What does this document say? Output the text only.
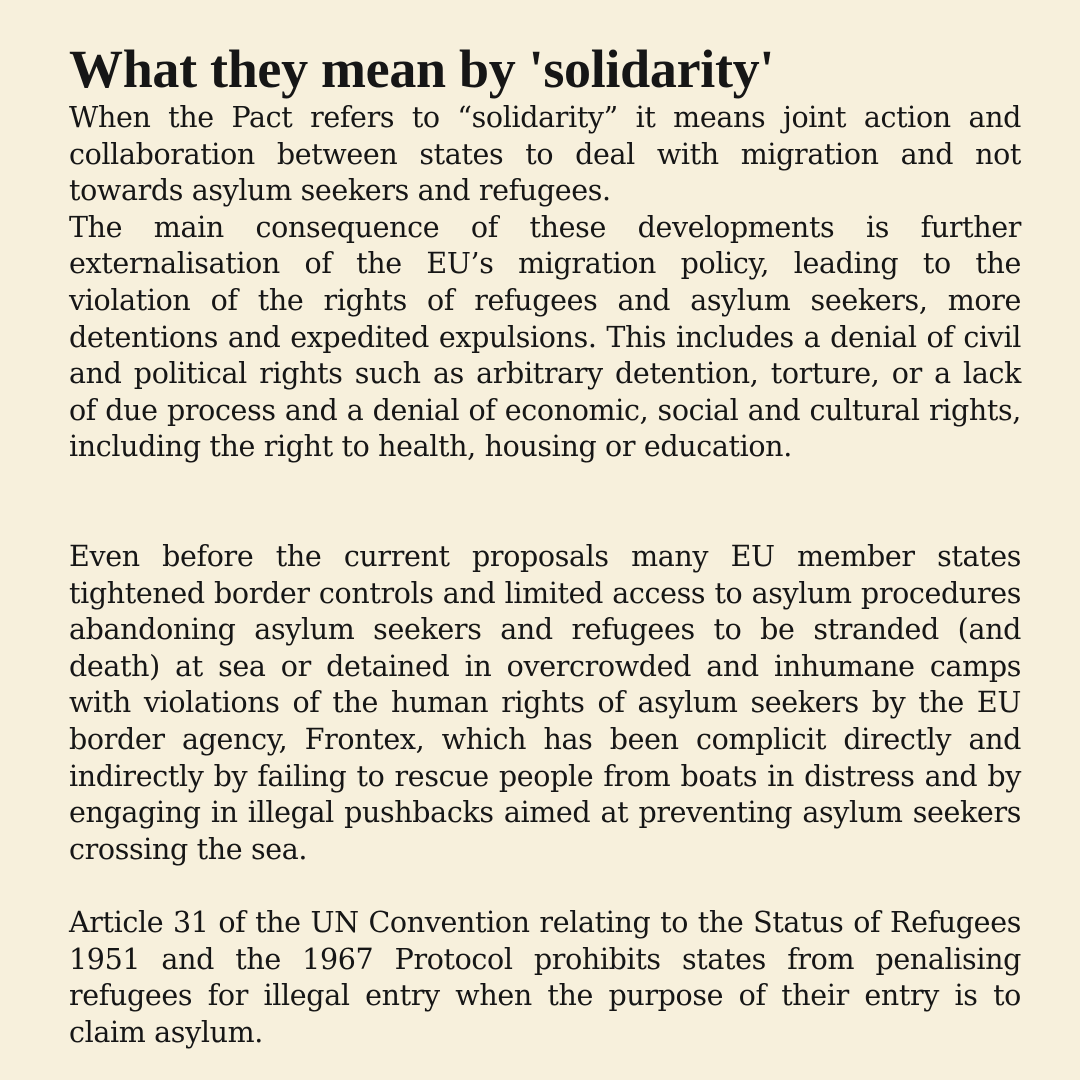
What they mean by 'solidarity'

When the Pact refers to “solidarity” it means joint action and collaboration between states to deal with migration and not towards asylum seekers and refugees.

The main consequence of these developments is further externalisation of the EU’s migration policy, leading to the violation of the rights of refugees and asylum seekers, more detentions and expedited expulsions. This includes a denial of civil and political rights such as arbitrary detention, torture, or a lack of due process and a denial of economic, social and cultural rights, including the right to health, housing or education.

Even before the current proposals many EU member states tightened border controls and limited access to asylum procedures abandoning asylum seekers and refugees to be stranded (and death) at sea or detained in overcrowded and inhumane camps with violations of the human rights of asylum seekers by the EU border agency, Frontex, which has been complicit directly and indirectly by failing to rescue people from boats in distress and by engaging in illegal pushbacks aimed at preventing asylum seekers crossing the sea.

Article 31 of the UN Convention relating to the Status of Refugees 1951 and the 1967 Protocol prohibits states from penalising refugees for illegal entry when the purpose of their entry is to claim asylum.
